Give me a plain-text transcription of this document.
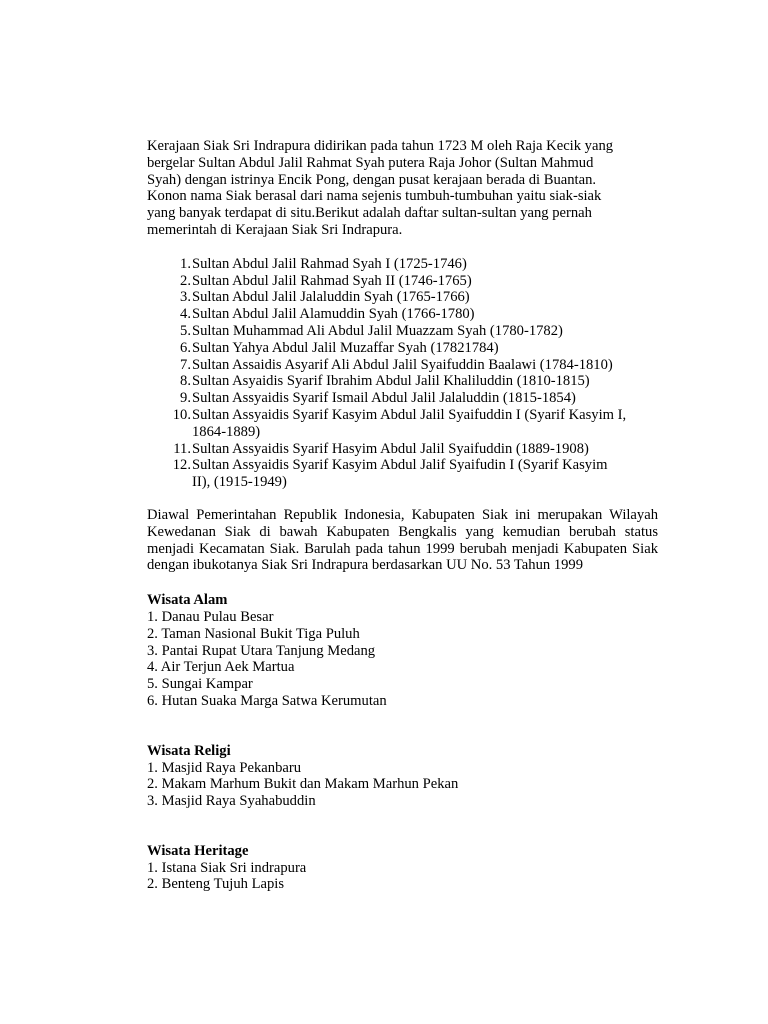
Kerajaan Siak Sri Indrapura didirikan pada tahun 1723 M oleh Raja Kecik yang
bergelar Sultan Abdul Jalil Rahmat Syah putera Raja Johor (Sultan Mahmud
Syah) dengan istrinya Encik Pong, dengan pusat kerajaan berada di Buantan.
Konon nama Siak berasal dari nama sejenis tumbuh-tumbuhan yaitu siak-siak
yang banyak terdapat di situ.Berikut adalah daftar sultan-sultan yang pernah
memerintah di Kerajaan Siak Sri Indrapura.

1. Sultan Abdul Jalil Rahmad Syah I (1725-1746)
2. Sultan Abdul Jalil Rahmad Syah II (1746-1765)
3. Sultan Abdul Jalil Jalaluddin Syah (1765-1766)
4. Sultan Abdul Jalil Alamuddin Syah (1766-1780)
5. Sultan Muhammad Ali Abdul Jalil Muazzam Syah (1780-1782)
6. Sultan Yahya Abdul Jalil Muzaffar Syah (17821784)
7. Sultan Assaidis Asyarif Ali Abdul Jalil Syaifuddin Baalawi (1784-1810)
8. Sultan Asyaidis Syarif Ibrahim Abdul Jalil Khaliluddin (1810-1815)
9. Sultan Assyaidis Syarif Ismail Abdul Jalil Jalaluddin (1815-1854)
10. Sultan Assyaidis Syarif Kasyim Abdul Jalil Syaifuddin I (Syarif Kasyim I,
1864-1889)
11. Sultan Assyaidis Syarif Hasyim Abdul Jalil Syaifuddin (1889-1908)
12. Sultan Assyaidis Syarif Kasyim Abdul Jalif Syaifudin I (Syarif Kasyim
II), (1915-1949)

Diawal Pemerintahan Republik Indonesia, Kabupaten Siak ini merupakan Wilayah Kewedanan Siak di bawah Kabupaten Bengkalis yang kemudian berubah status menjadi Kecamatan Siak. Barulah pada tahun 1999 berubah menjadi Kabupaten Siak dengan ibukotanya Siak Sri Indrapura berdasarkan UU No. 53 Tahun 1999

Wisata Alam
1. Danau Pulau Besar
2. Taman Nasional Bukit Tiga Puluh
3. Pantai Rupat Utara Tanjung Medang
4. Air Terjun Aek Martua
5. Sungai Kampar
6. Hutan Suaka Marga Satwa Kerumutan
Wisata Religi
1. Masjid Raya Pekanbaru
2. Makam Marhum Bukit dan Makam Marhun Pekan
3. Masjid Raya Syahabuddin
Wisata Heritage
1. Istana Siak Sri indrapura
2. Benteng Tujuh Lapis
